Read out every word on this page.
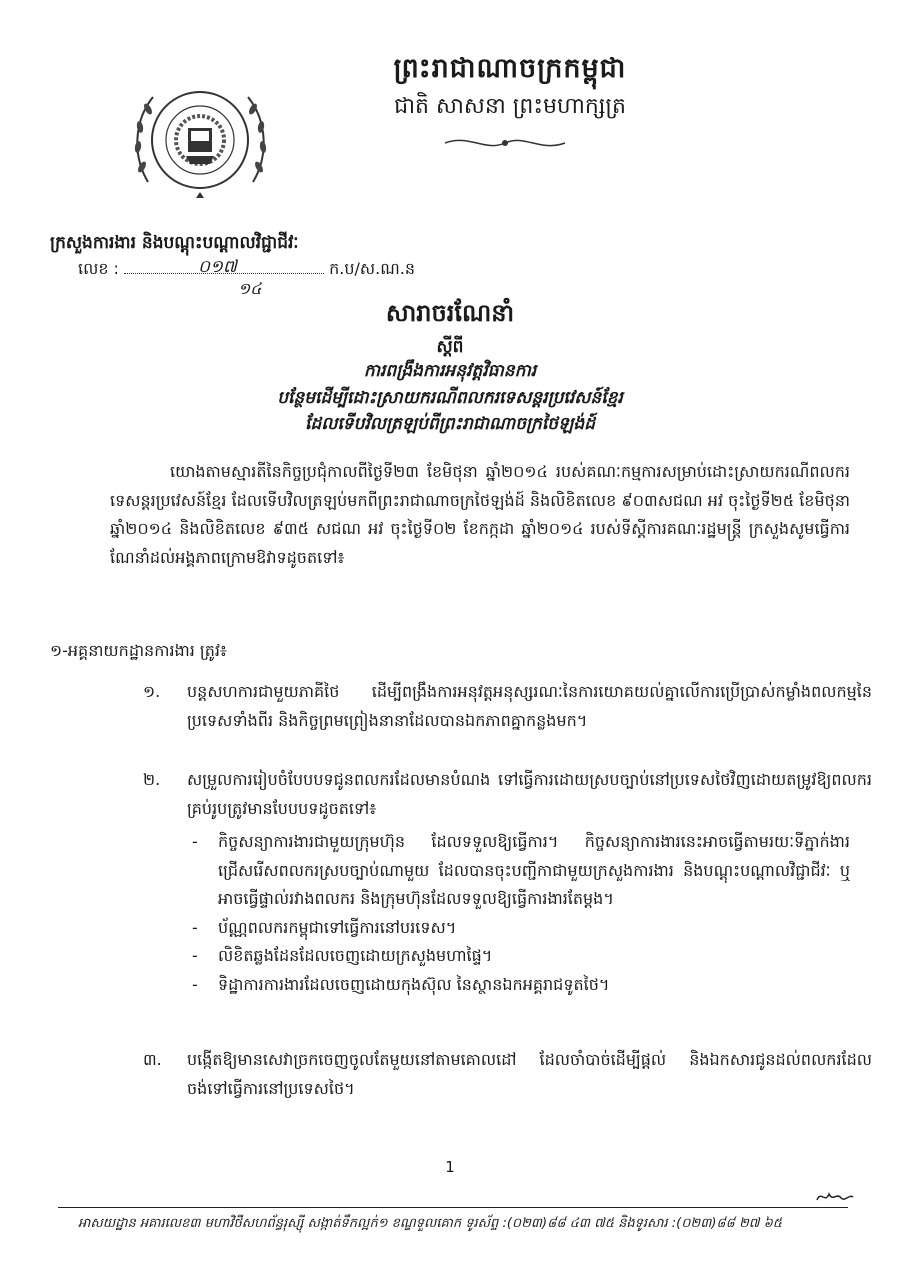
ព្រះរាជាណាចក្រកម្ពុជា
ជាតិ សាសនា ព្រះមហាក្សត្រ
ក្រសួងការងារ និងបណ្តុះបណ្តាលវិជ្ជាជីវៈ
លេខ :	០១៧
១៤
ក.ប/ស.ណ.ន
សារាចរណែនាំ
ស្តីពី
ការពង្រឹងការអនុវត្តវិធានការ
បន្ថែមដើម្បីដោះស្រាយករណីពលករទេសន្តរប្រវេសន៍ខ្មែរ
ដែលទើបវិលត្រឡប់ពីព្រះរាជាណាចក្រថៃឡង់ដ៍
យោងតាមស្មារតីនៃកិច្ចប្រជុំកាលពីថ្ងៃទី២៣ ខែមិថុនា ឆ្នាំ២០១៤ របស់គណៈកម្មការសម្រាប់ដោះស្រាយករណីពលករទេសន្តរប្រវេសន៍ខ្មែរ ដែលទើបវិលត្រឡប់មកពីព្រះរាជាណាចក្រថៃឡង់ដ៍ និងលិខិតលេខ ៩០៣សជណ អវ ចុះថ្ងៃទី២៥ ខែមិថុនា ឆ្នាំ២០១៤ និងលិខិតលេខ ៩៣៥ សជណ អវ ចុះថ្ងៃទី០២ ខែកក្កដា ឆ្នាំ២០១៤ របស់ទីស្តីការគណៈរដ្ឋមន្ត្រី ក្រសួងសូមធ្វើការណែនាំដល់អង្គភាពក្រោមឱវាទដូចតទៅ៖
១-អគ្គនាយកដ្ឋានការងារ ត្រូវ៖
១. បន្តសហការជាមួយភាគីថៃ ដើម្បីពង្រឹងការអនុវត្តអនុស្សរណៈនៃការយោគយល់គ្នាលើការប្រើប្រាស់កម្លាំងពលកម្មនៃប្រទេសទាំងពីរ និងកិច្ចព្រមព្រៀងនានាដែលបានឯកភាពគ្នាកន្លងមក។
២. សម្រួលការរៀបចំបែបបទជូនពលករដែលមានបំណង ទៅធ្វើការដោយស្របច្បាប់នៅប្រទេសថៃវិញដោយតម្រូវឱ្យពលករគ្រប់រូបត្រូវមានបែបបទដូចតទៅ៖
- កិច្ចសន្យាការងារជាមួយក្រុមហ៊ុន ដែលទទួលឱ្យធ្វើការ។ កិច្ចសន្យាការងារនេះអាចធ្វើតាមរយៈទីភ្នាក់ងារជ្រើសរើសពលករស្របច្បាប់ណាមួយ ដែលបានចុះបញ្ជីកាជាមួយក្រសួងការងារ និងបណ្តុះបណ្តាលវិជ្ជាជីវៈ ឬអាចធ្វើផ្ទាល់រវាងពលករ និងក្រុមហ៊ុនដែលទទួលឱ្យធ្វើការងារតែម្តង។
- ប័ណ្ណពលករកម្ពុជាទៅធ្វើការនៅបរទេស។
- លិខិតឆ្លងដែនដែលចេញដោយក្រសួងមហាផ្ទៃ។
- ទិដ្ឋាការការងារដែលចេញដោយកុងស៊ុល នៃស្ថានឯកអគ្គរាជទូតថៃ។
៣. បង្កើតឱ្យមានសេវាច្រកចេញចូលតែមួយនៅតាមគោលដៅ ដែលចាំបាច់ដើម្បីផ្តល់ និងឯកសារជូនដល់ពលករដែលចង់ទៅធ្វើការនៅប្រទេសថៃ។
1
អាសយដ្ឋាន អគារលេខ៣ មហាវិថីសហព័ន្ធរុស្ស៊ី សង្កាត់ទឹកល្អក់១ ខណ្ឌទួលគោក ទូរស័ព្ទ :(០២៣)៨៨ ៤៣ ៧៥ និងទូរសារ :(០២៣)៨៨ ២៧ ៦៥
